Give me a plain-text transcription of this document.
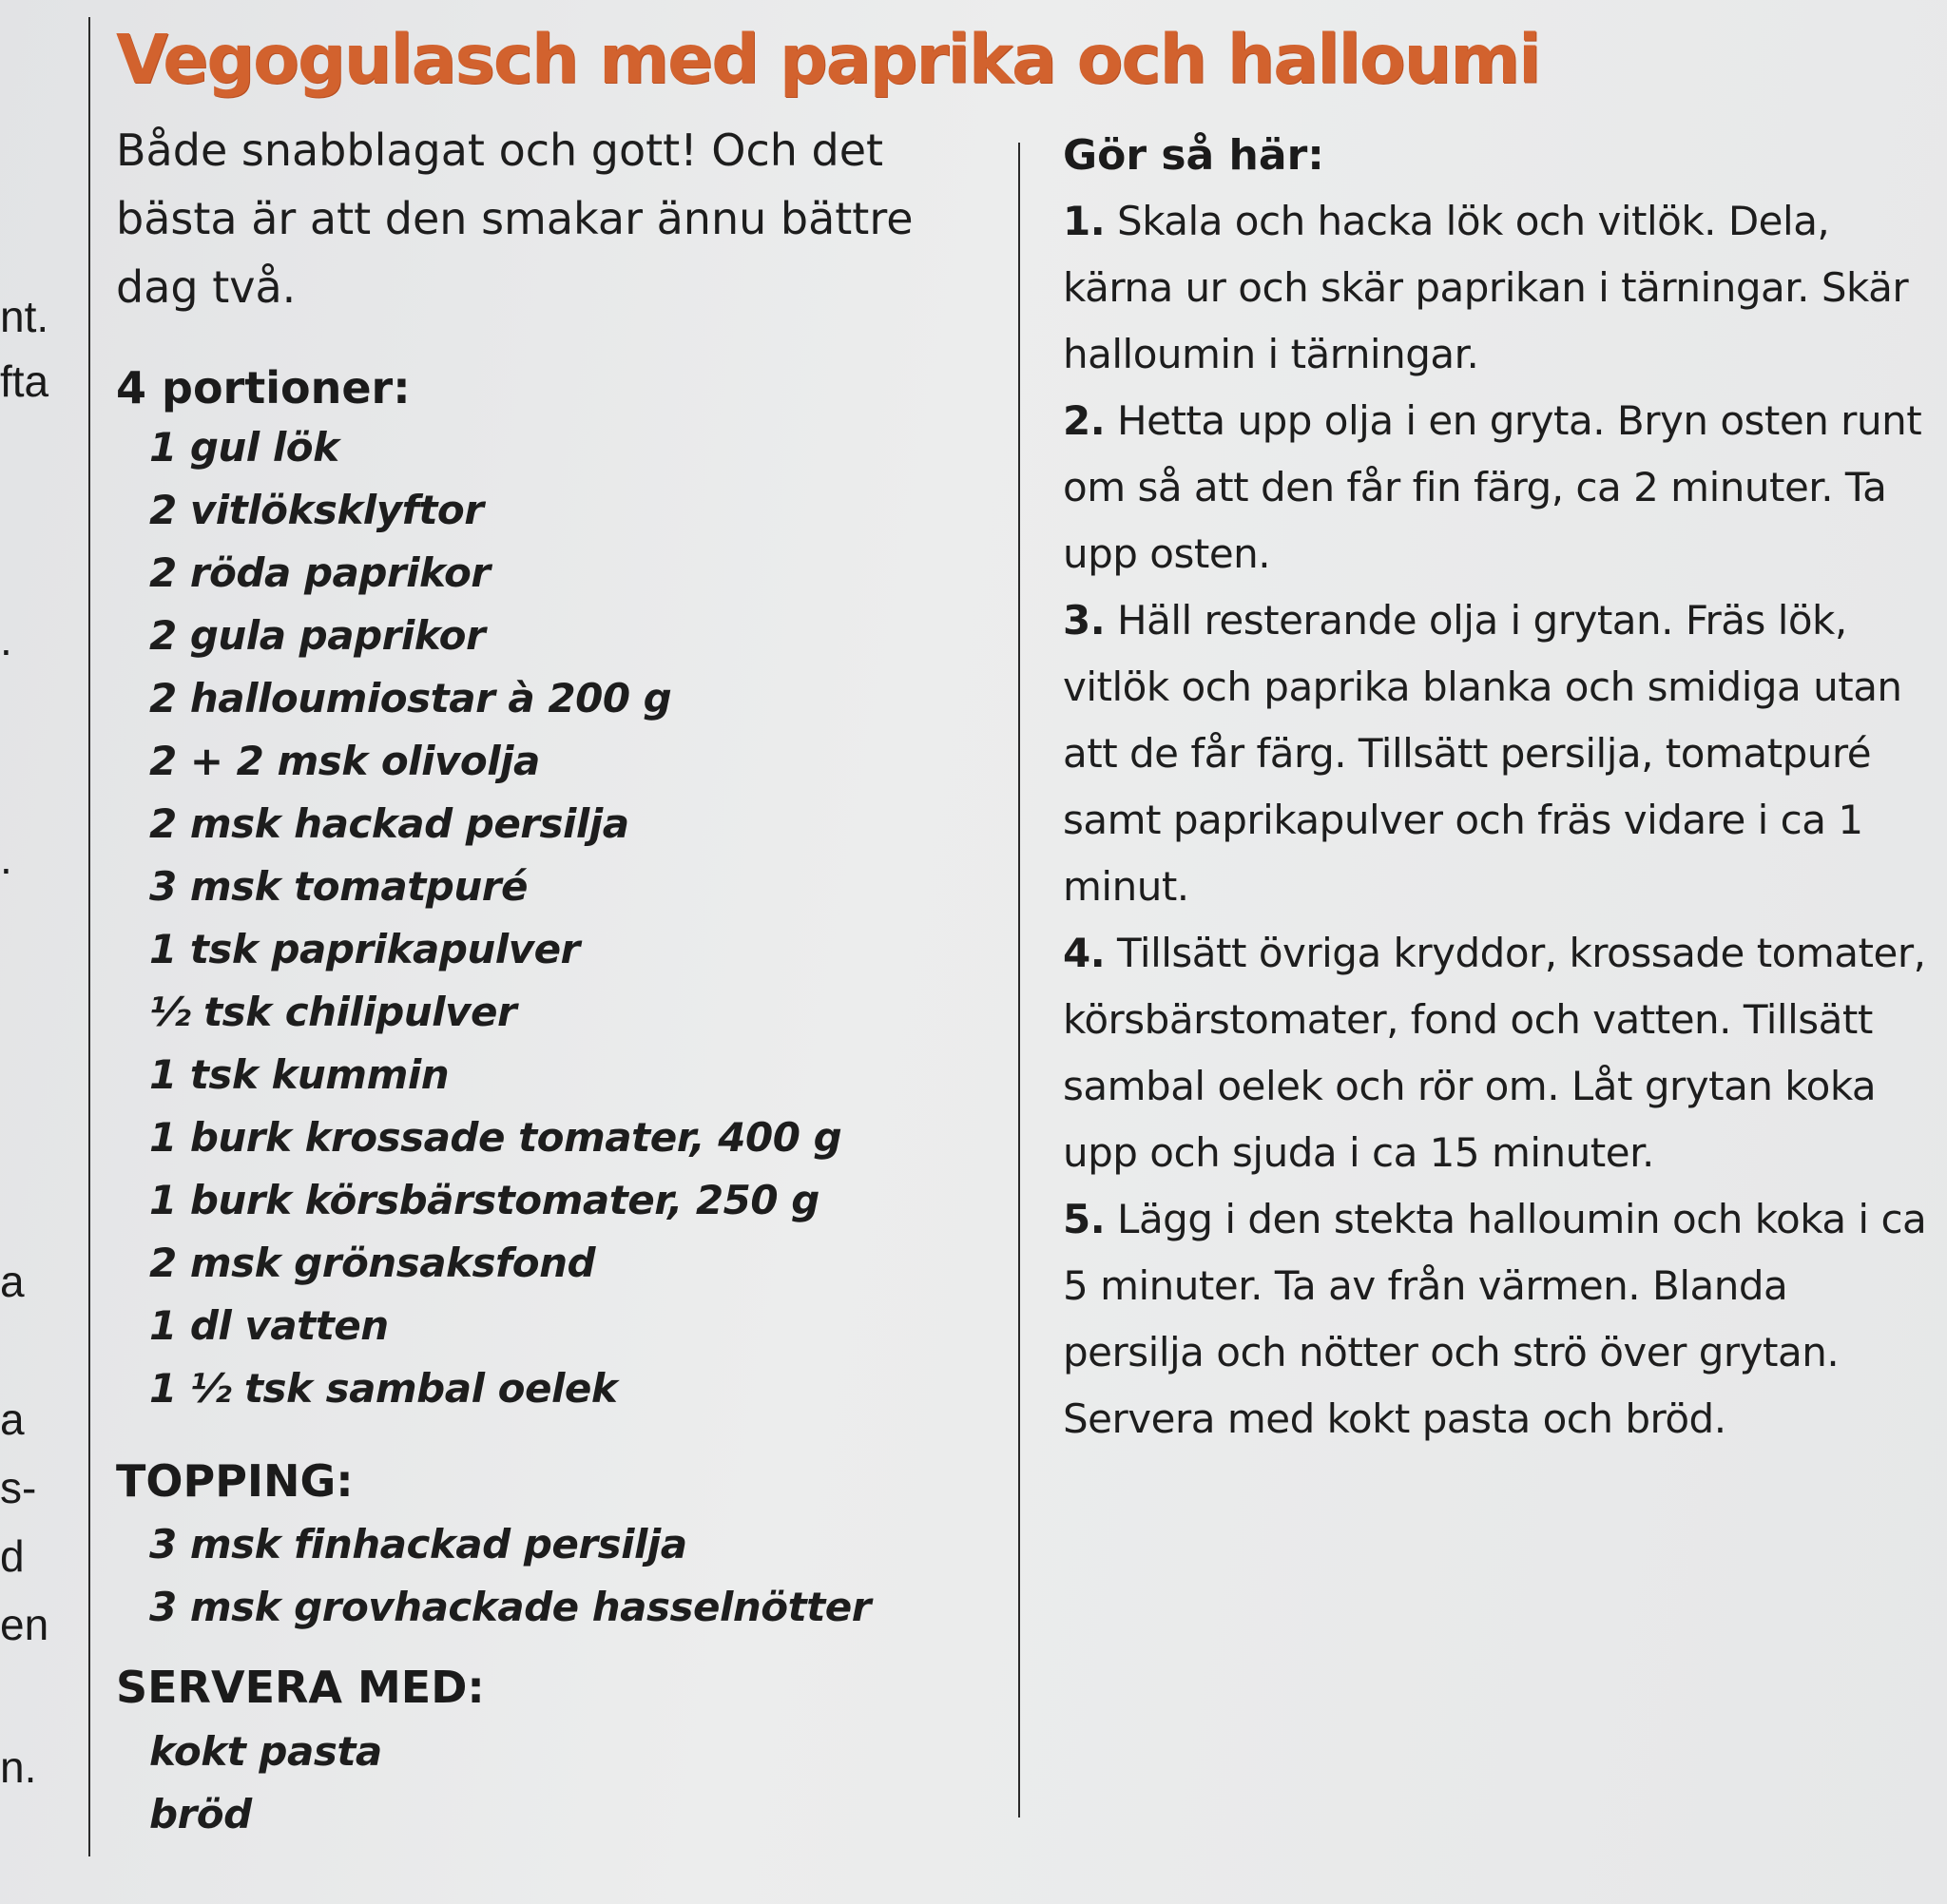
nt.
fta
.
.
a
a
s-
d
en
n.
Vegogulasch med paprika och halloumi
Både snabblagat och gott! Och det bästa är att den smakar ännu bättre dag två.
4 portioner:
1 gul lök
2 vitlöksklyftor
2 röda paprikor
2 gula paprikor
2 halloumiostar à 200 g
2 + 2 msk olivolja
2 msk hackad persilja
3 msk tomatpuré
1 tsk paprikapulver
½ tsk chilipulver
1 tsk kummin
1 burk krossade tomater, 400 g
1 burk körsbärstomater, 250 g
2 msk grönsaksfond
1 dl vatten
1 ½ tsk sambal oelek
TOPPING:
3 msk finhackad persilja
3 msk grovhackade hasselnötter
SERVERA MED:
kokt pasta
bröd
Gör så här:
1. Skala och hacka lök och vitlök. Dela, kärna ur och skär paprikan i tärningar. Skär halloumin i tärningar.
2. Hetta upp olja i en gryta. Bryn osten runt om så att den får fin färg, ca 2 minuter. Ta upp osten.
3. Häll resterande olja i grytan. Fräs lök, vitlök och paprika blanka och smidiga utan att de får färg. Tillsätt persilja, tomatpuré samt paprikapulver och fräs vidare i ca 1 minut.
4. Tillsätt övriga kryddor, krossade tomater, körsbärstomater, fond och vatten. Tillsätt sambal oelek och rör om. Låt grytan koka upp och sjuda i ca 15 minuter.
5. Lägg i den stekta halloumin och koka i ca 5 minuter. Ta av från värmen. Blanda persilja och nötter och strö över grytan. Servera med kokt pasta och bröd.
